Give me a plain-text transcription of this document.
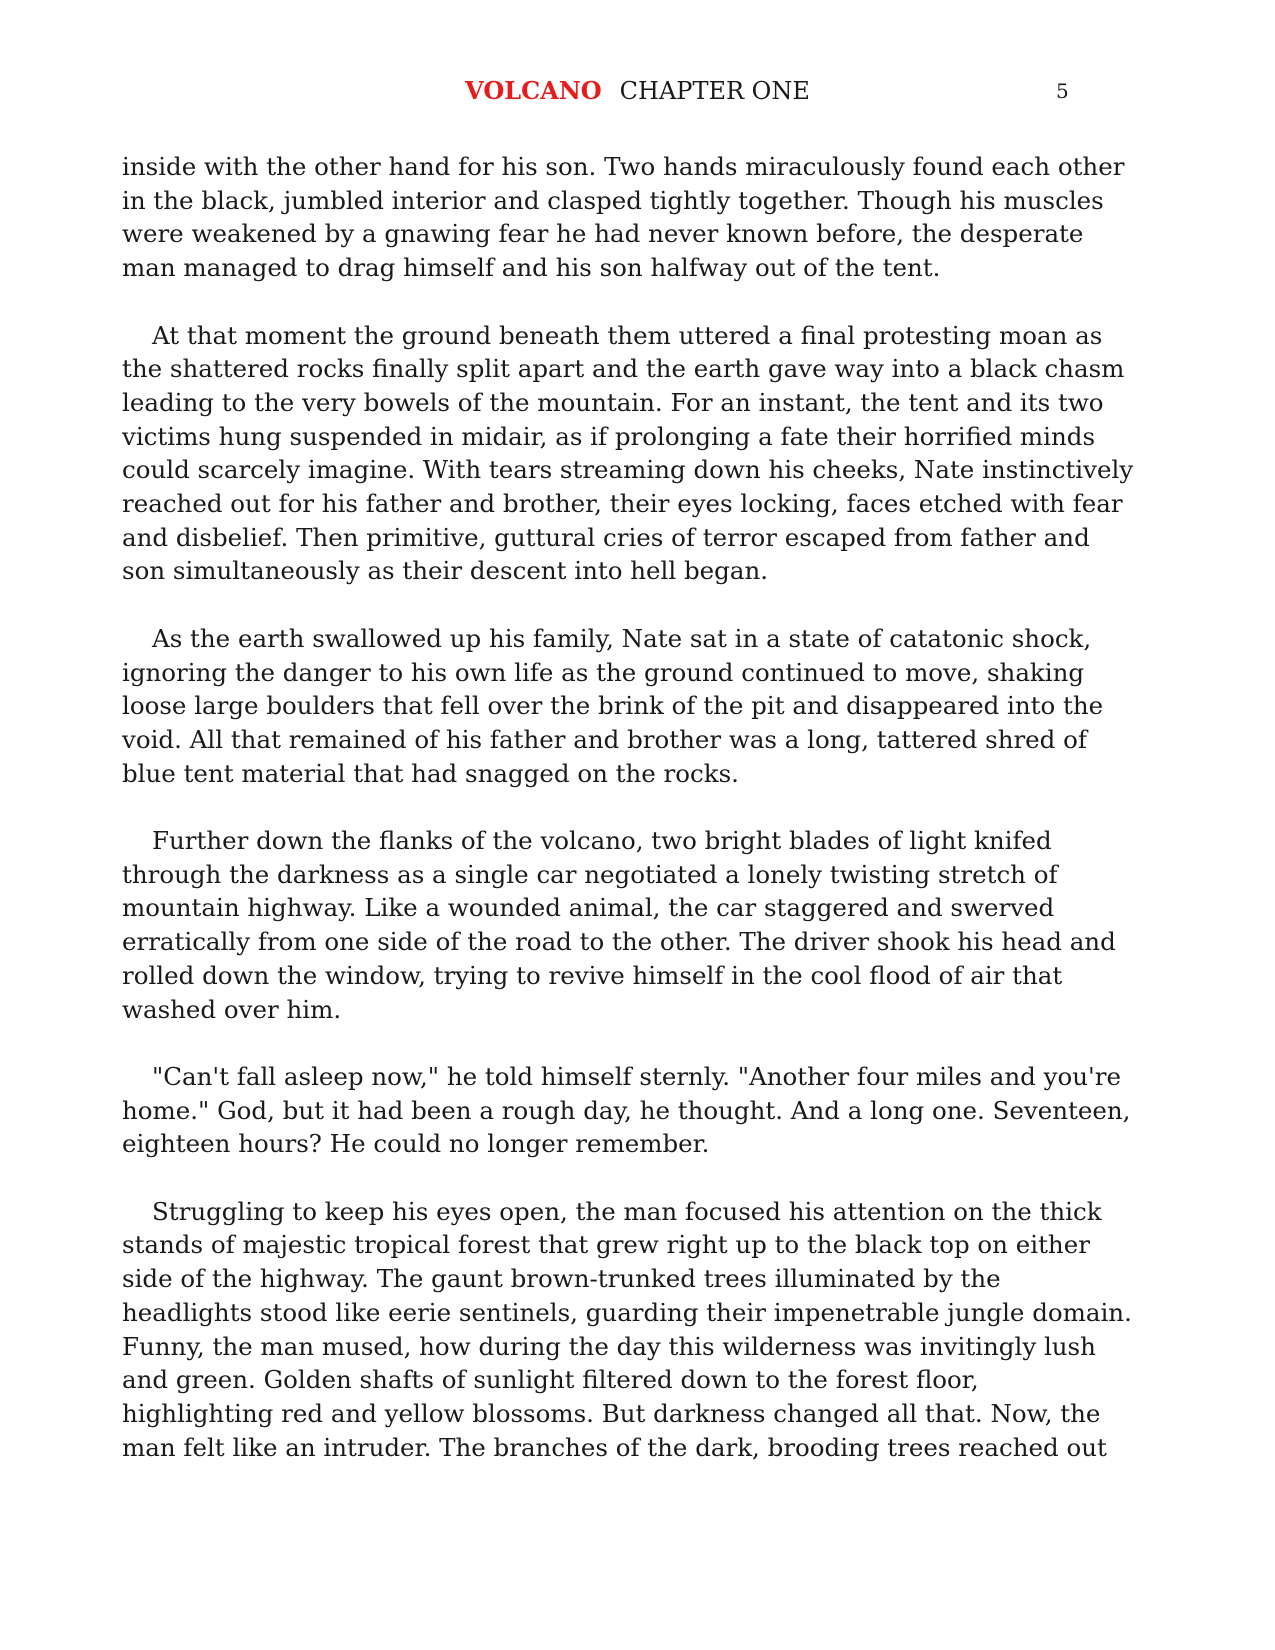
VOLCANO CHAPTER ONE	5

inside with the other hand for his son. Two hands miraculously found each other in the black, jumbled interior and clasped tightly together. Though his muscles were weakened by a gnawing fear he had never known before, the desperate man managed to drag himself and his son halfway out of the tent.

At that moment the ground beneath them uttered a final protesting moan as the shattered rocks finally split apart and the earth gave way into a black chasm leading to the very bowels of the mountain. For an instant, the tent and its two victims hung suspended in midair, as if prolonging a fate their horrified minds could scarcely imagine. With tears streaming down his cheeks, Nate instinctively reached out for his father and brother, their eyes locking, faces etched with fear and disbelief. Then primitive, guttural cries of terror escaped from father and son simultaneously as their descent into hell began.

As the earth swallowed up his family, Nate sat in a state of catatonic shock, ignoring the danger to his own life as the ground continued to move, shaking loose large boulders that fell over the brink of the pit and disappeared into the void. All that remained of his father and brother was a long, tattered shred of blue tent material that had snagged on the rocks.

Further down the flanks of the volcano, two bright blades of light knifed through the darkness as a single car negotiated a lonely twisting stretch of mountain highway. Like a wounded animal, the car staggered and swerved erratically from one side of the road to the other. The driver shook his head and rolled down the window, trying to revive himself in the cool flood of air that washed over him.

"Can't fall asleep now," he told himself sternly. "Another four miles and you're home." God, but it had been a rough day, he thought. And a long one. Seventeen, eighteen hours? He could no longer remember.

Struggling to keep his eyes open, the man focused his attention on the thick stands of majestic tropical forest that grew right up to the black top on either side of the highway. The gaunt brown-trunked trees illuminated by the headlights stood like eerie sentinels, guarding their impenetrable jungle domain. Funny, the man mused, how during the day this wilderness was invitingly lush and green. Golden shafts of sunlight filtered down to the forest floor, highlighting red and yellow blossoms. But darkness changed all that. Now, the man felt like an intruder. The branches of the dark, brooding trees reached out
